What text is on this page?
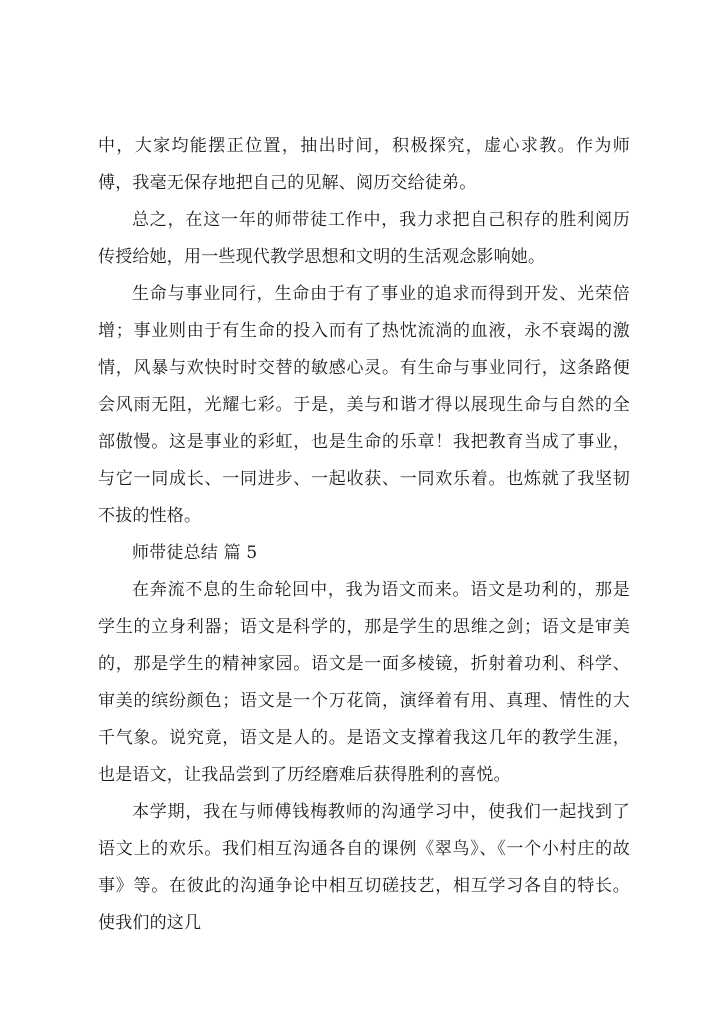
中，大家均能摆正位置，抽出时间，积极探究，虚心求教。作为师傅，我毫无保存地把自己的见解、阅历交给徒弟。

总之，在这一年的师带徒工作中，我力求把自己积存的胜利阅历传授给她，用一些现代教学思想和文明的生活观念影响她。

生命与事业同行，生命由于有了事业的追求而得到开发、光荣倍增；事业则由于有生命的投入而有了热忱流淌的血液，永不衰竭的激情，风暴与欢快时时交替的敏感心灵。有生命与事业同行，这条路便会风雨无阻，光耀七彩。于是，美与和谐才得以展现生命与自然的全部傲慢。这是事业的彩虹，也是生命的乐章！我把教育当成了事业，与它一同成长、一同进步、一起收获、一同欢乐着。也炼就了我坚韧不拔的性格。

师带徒总结 篇 5

在奔流不息的生命轮回中，我为语文而来。语文是功利的，那是学生的立身利器；语文是科学的，那是学生的思维之剑；语文是审美的，那是学生的精神家园。语文是一面多棱镜，折射着功利、科学、审美的缤纷颜色；语文是一个万花筒，演绎着有用、真理、情性的大千气象。说究竟，语文是人的。是语文支撑着我这几年的教学生涯，也是语文，让我品尝到了历经磨难后获得胜利的喜悦。

本学期，我在与师傅钱梅教师的沟通学习中，使我们一起找到了语文上的欢乐。我们相互沟通各自的课例《翠鸟》、《一个小村庄的故事》等。在彼此的沟通争论中相互切磋技艺，相互学习各自的特长。使我们的这几
